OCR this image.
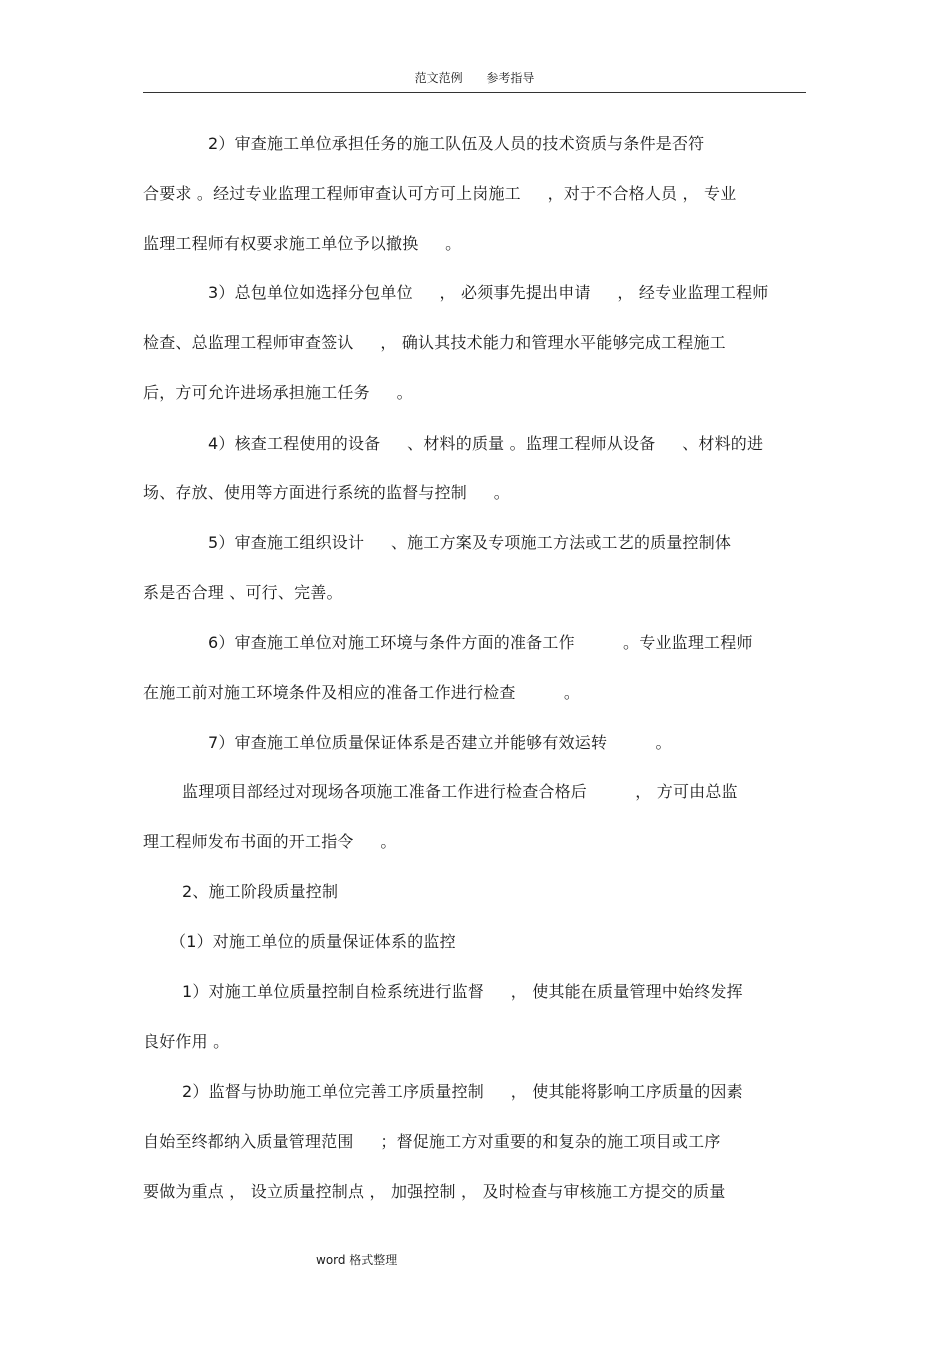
范文范例 参考指导
2）审查施工单位承担任务的施工队伍及人员的技术资质与条件是否符
合要求 。经过专业监理工程师审查认可方可上岗施工 　 ，对于不合格人员 ， 专业
监理工程师有权要求施工单位予以撤换 　 。
3）总包单位如选择分包单位 　 ， 必须事先提出申请 　 ， 经专业监理工程师
检查、总监理工程师审查签认 　 ， 确认其技术能力和管理水平能够完成工程施工
后，方可允许进场承担施工任务 　 。
4）核查工程使用的设备 　 、材料的质量 。监理工程师从设备 　 、材料的进
场、存放、使用等方面进行系统的监督与控制 　 。
5）审查施工组织设计 　 、施工方案及专项施工方法或工艺的质量控制体
系是否合理 、可行、完善。
6）审查施工单位对施工环境与条件方面的准备工作 　 　 。专业监理工程师
在施工前对施工环境条件及相应的准备工作进行检查 　 　 。
7）审查施工单位质量保证体系是否建立并能够有效运转 　 　 。
监理项目部经过对现场各项施工准备工作进行检查合格后 　 　 ， 方可由总监
理工程师发布书面的开工指令 　 。
2、施工阶段质量控制
（1）对施工单位的质量保证体系的监控
1）对施工单位质量控制自检系统进行监督 　 ， 使其能在质量管理中始终发挥
良好作用 。
2）监督与协助施工单位完善工序质量控制 　 ， 使其能将影响工序质量的因素
自始至终都纳入质量管理范围 　 ；督促施工方对重要的和复杂的施工项目或工序
要做为重点 ， 设立质量控制点 ， 加强控制 ， 及时检查与审核施工方提交的质量
word 格式整理
